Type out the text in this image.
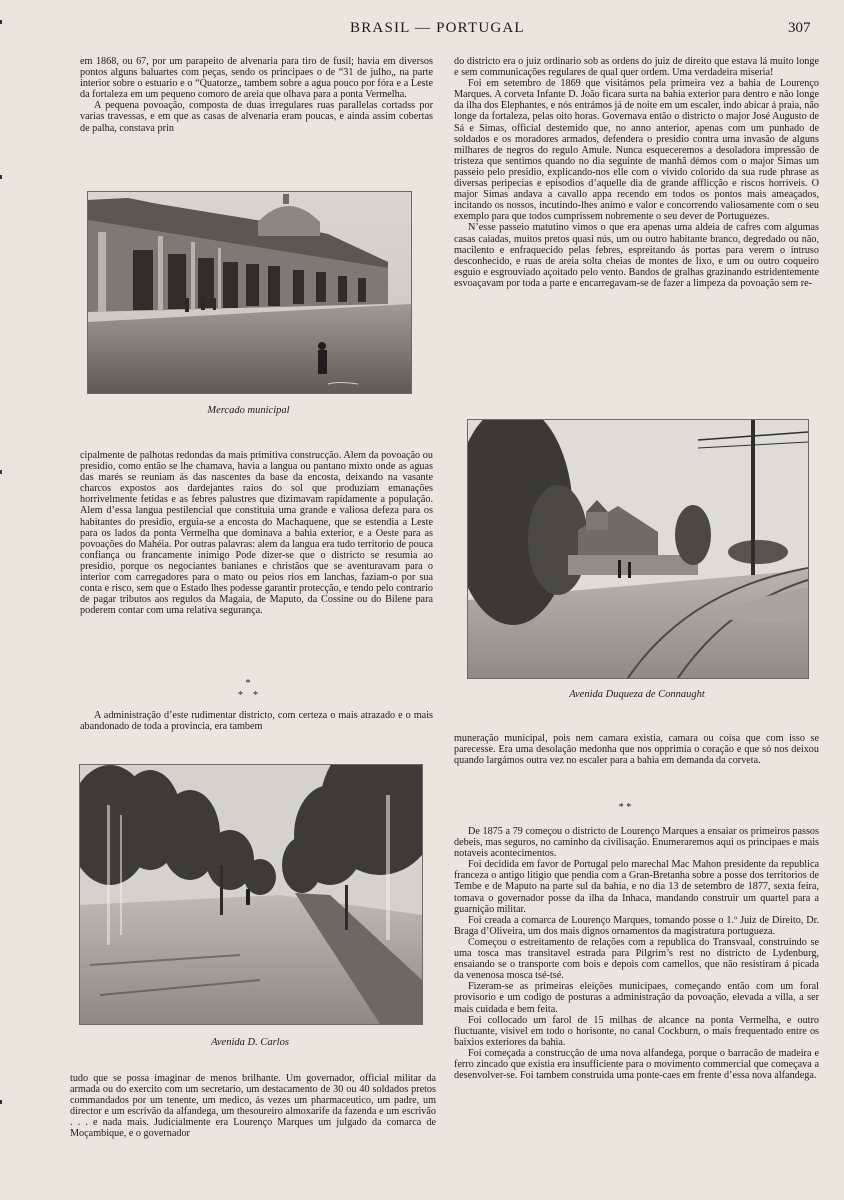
BRASIL — PORTUGAL	307

em 1868, ou 67, por um parapeito de alvenaria para tiro de fusil; havia em diversos pontos alguns baluartes com peças, sendo os principaes o de “31 de julho„ na parte interior sobre o estuario e o “Quatorze„ tambem sobre a agua pouco por fóra e a Leste da fortaleza em um pequeno comoro de areia que olhava para a ponta Vermelha.

A pequena povoação, composta de duas irregulares ruas parallelas cortadss por varias travessas, e em que as casas de alvenaria eram poucas, e ainda assim cobertas de palha, constava prin

Mercado municipal

cipalmente de palhotas redondas da mais primitiva construcção. Alem da povoação ou presidio, como então se lhe chamava, havia a langua ou pantano mixto onde as aguas das marés se reuniam ás das nascentes da base da encosta, deixando na vasante charcos expostos aos dardejantes raios do sol que produziam emanações horrivelmente fetidas e as febres palustres que dizimavam rapidamente a população. Alem d’essa langua pestilencial que constituia uma grande e valiosa defeza para os habitantes do presidio, erguia-se a encosta do Machaquene, que se estendia a Leste para os lados da ponta Vermelha que dominava a bahia exterior, e a Oeste para as povoações do Mahéia. Por outras palavras: alem da langua era tudo territorio de pouca confiança ou francamente inimigo Pode dizer-se que o districto se resumia ao presidio, porque os negociantes banianes e christãos que se aventuravam para o interior com carregadores para o mato ou peios rios em lanchas, faziam-o por sua conta e risco, sem que o Estado lhes podesse garantir protecção, e tendo pelo contrario de pagar tributos aos regulos da Magaia, de Maputo, da Cossine ou do Bilene para poderem contar com uma relativa segurança.

*
*    *

A administração d’este rudimentar districto, com certeza o mais atrazado e o mais abandonado de toda a provincia, era tambem

Avenida D. Carlos

tudo que se possa imaginar de menos brilhante. Um governador, official militar da armada ou do exercito com um secretario, um destacamento de 30 ou 40 soldados pretos commandados por um tenente, um medico, ás vezes um pharmaceutico, um padre, um director e um escrivão da alfandega, um thesoureiro almoxarife da fazenda e um escrivão . . . e nada mais. Judicialmente era Lourenço Marques um julgado da comarca de Moçambique, e o governador

do districto era o juiz ordinario sob as ordens do juiz de direito que estava lá muito longe e sem communicações regulares de qual quer ordem. Uma verdadeira miseria!

Foi em setembro de 1869 que visitámos pela primeira vez a bahia de Lourenço Marques. A corveta Infante D. João ficara surta na bahia exterior para dentro e não longe da ilha dos Elephantes, e nós entrámos já de noite em um escaler, indo abicar á praia, não longe da fortaleza, pelas oito horas. Governava então o districto o major José Augusto de Sá e Simas, official destemido que, no anno anterior, apenas com um punhado de soldados e os moradores armados, defendera o presidio contra uma invasão de alguns milhares de negros do regulo Amule. Nunca esqueceremos a desoladora impressão de tristeza que sentimos quando no dia seguinte de manhã démos com o major Simas um passeio pelo presidio, explicando-nos elle com o vivido colorido da sua rude phrase as diversas peripecias e episodios d’aquelle dia de grande afflicção e riscos horriveis. O major Simas andava a cavallo appa recendo em todos os pontos mais ameaçados, incitando os nossos, incutindo-lhes animo e valor e concorrendo valiosamente com o seu exemplo para que todos cumprissem nobremente o seu dever de Portuguezes.

N’esse passeio matutino vimos o que era apenas uma aldeia de cafres com algumas casas caiadas, muitos pretos quasi nús, um ou outro habitante branco, degredado ou não, macilento e enfraquecido pelas febres, espreitando ás portas para verem o intruso desconhecido, e ruas de areia solta cheias de montes de lixo, e um ou outro coqueiro esguio e esgrouviado açoitado pelo vento. Bandos de gralhas grazinando estridentemente esvoaçavam por toda a parte e encarregavam-se de fazer a limpeza da povoação sem re-

Avenida Duqueza de Connaught

muneração municipal, pois nem camara existia, camara ou coisa que com isso se parecesse. Era uma desolação medonha que nos opprimia o coração e que só nos deixou quando largámos outra vez no escaler para a bahia em demanda da corveta.

* *

De 1875 a 79 começou o districto de Lourenço Marques a ensaiar os primeiros passos debeis, mas seguros, no caminho da civilisação. Enumeraremos aqui os principaes e mais notaveis acontecimentos.

Foi decidida em favor de Portugal pelo marechal Mac Mahon presidente da republica franceza o antigo litigio que pendia com a Gran-Bretanha sobre a posse dos territorios de Tembe e de Maputo na parte sul da bahia, e no dia 13 de setembro de 1877, sexta feira, tomava o governador posse da ilha da Inhaca, mandando construir um quartel para a guarnição militar.

Foi creada a comarca de Lourenço Marques, tomando posse o 1.º Juiz de Direito, Dr. Braga d’Oliveira, um dos mais dignos ornamentos da magistratura portugueza.

Começou o estreitamento de relações com a republica do Transvaal, construindo se uma tosca mas transitavel estrada para Pilgrim’s rest no districto de Lydenburg, ensaiando se o transporte com bois e depois com camellos, que não resistiram á picada da venenosa mosca tsé-tsé.

Fizeram-se as primeiras eleições municipaes, começando então com um foral provisorio e um codigo de posturas a administração da povoação, elevada a villa, a ser mais cuidada e bem feita.

Foi collocado um farol de 15 milhas de alcance na ponta Vermelha, e outro fluctuante, visivel em todo o horisonte, no canal Cockburn, o mais frequentado entre os baixios exteriores da bahia.

Foi começada a construcção de uma nova alfandega, porque o barracão de madeira e ferro zincado que existia era insufficiente para o movimento commercial que começava a desenvolver-se. Foi tambem construida uma ponte-caes em frente d’essa nova alfandega.
